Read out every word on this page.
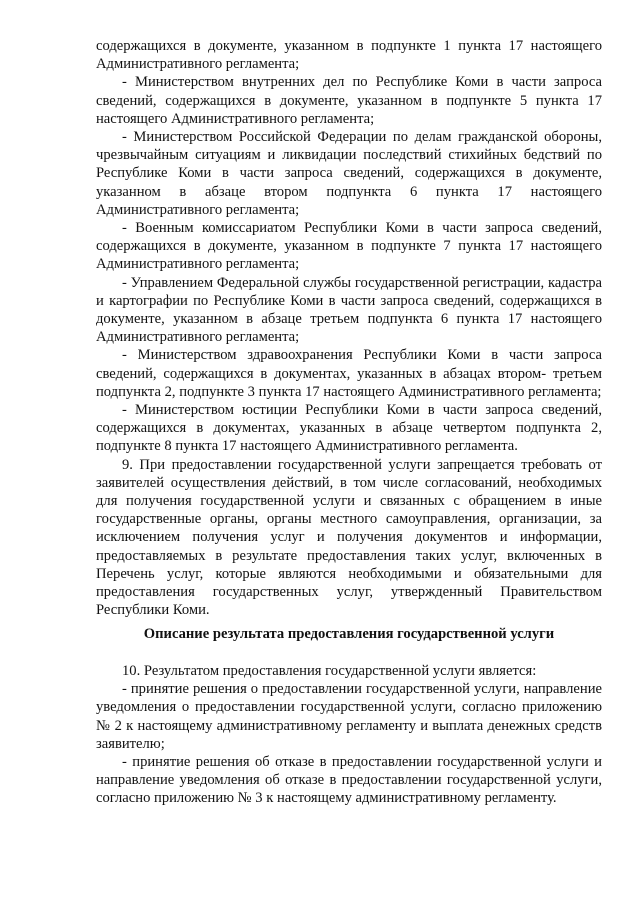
содержащихся в документе, указанном в подпункте 1 пункта 17 настоящего Административного регламента;

- Министерством внутренних дел по Республике Коми в части запроса сведений, содержащихся в документе, указанном в подпункте 5 пункта 17 настоящего Административного регламента;

- Министерством Российской Федерации по делам гражданской обороны, чрезвычайным ситуациям и ликвидации последствий стихийных бедствий по Республике Коми в части запроса сведений, содержащихся в документе, указанном в абзаце втором подпункта 6 пункта 17 настоящего Административного регламента;

- Военным комиссариатом Республики Коми в части запроса сведений, содержащихся в документе, указанном в подпункте 7 пункта 17 настоящего Административного регламента;

- Управлением Федеральной службы государственной регистрации, кадастра и картографии по Республике Коми в части запроса сведений, содержащихся в документе, указанном в абзаце третьем подпункта 6 пункта 17 настоящего Административного регламента;

- Министерством здравоохранения Республики Коми в части запроса сведений, содержащихся в документах, указанных в абзацах втором- третьем подпункта 2, подпункте 3 пункта 17 настоящего Административного регламента;

- Министерством юстиции Республики Коми в части запроса сведений, содержащихся в документах, указанных в абзаце четвертом подпункта 2, подпункте 8 пункта 17 настоящего Административного регламента.

9. При предоставлении государственной услуги запрещается требовать от заявителей осуществления действий, в том числе согласований, необходимых для получения государственной услуги и связанных с обращением в иные государственные органы, органы местного самоуправления, организации, за исключением получения услуг и получения документов и информации, предоставляемых в результате предоставления таких услуг, включенных в Перечень услуг, которые являются необходимыми и обязательными для предоставления государственных услуг, утвержденный Правительством Республики Коми.

Описание результата предоставления государственной услуги

10. Результатом предоставления государственной услуги является:

- принятие решения о предоставлении государственной услуги, направление уведомления о предоставлении государственной услуги, согласно приложению № 2 к настоящему административному регламенту и выплата денежных средств заявителю;

- принятие решения об отказе в предоставлении государственной услуги и направление уведомления об отказе в предоставлении государственной услуги, согласно приложению № 3 к настоящему административному регламенту.
